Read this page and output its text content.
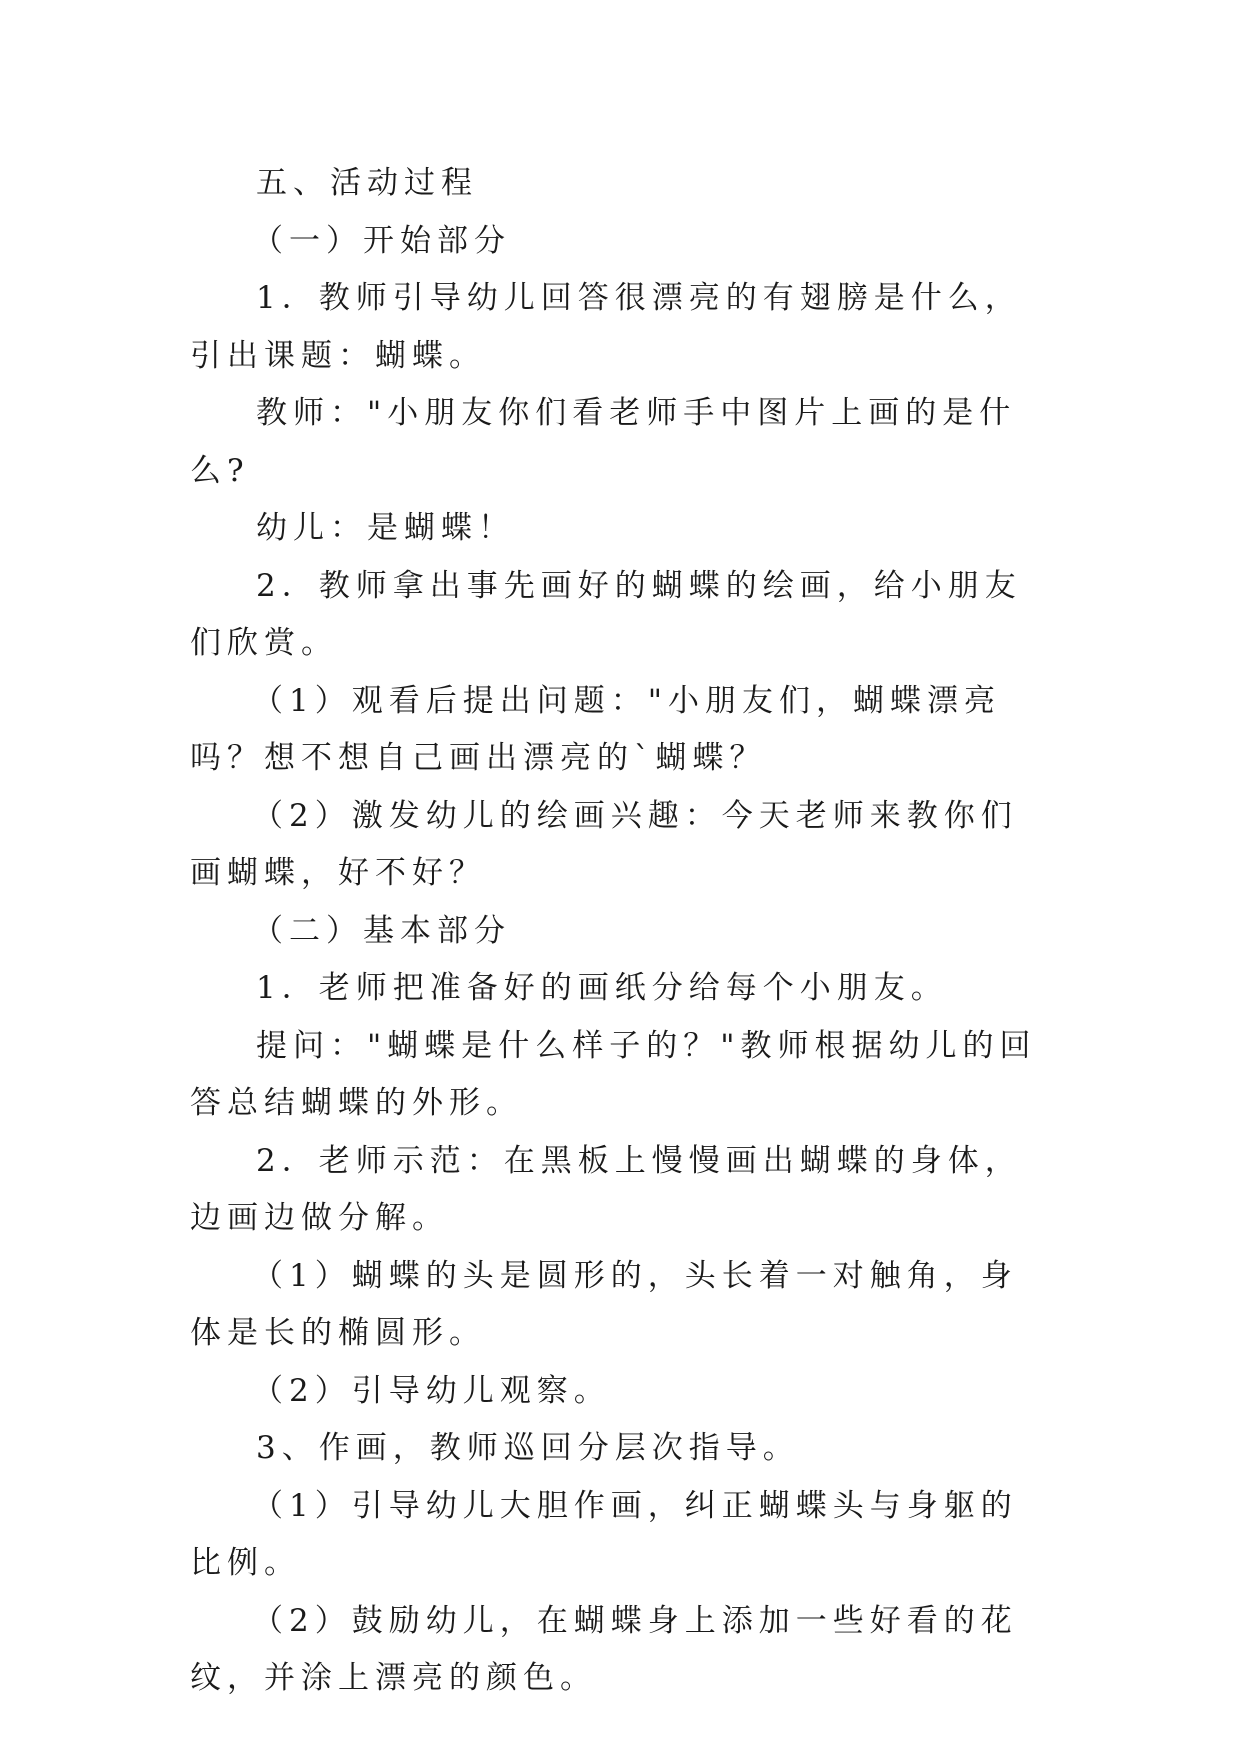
五、活动过程

（一）开始部分

1．教师引导幼儿回答很漂亮的有翅膀是什么，引出课题：蝴蝶。

教师："小朋友你们看老师手中图片上画的是什么?

幼儿：是蝴蝶！

2．教师拿出事先画好的蝴蝶的绘画，给小朋友们欣赏。

（1）观看后提出问题："小朋友们，蝴蝶漂亮吗？想不想自己画出漂亮的`蝴蝶？

（2）激发幼儿的绘画兴趣：今天老师来教你们画蝴蝶，好不好？

（二）基本部分

1．老师把准备好的画纸分给每个小朋友。

提问："蝴蝶是什么样子的？"教师根据幼儿的回答总结蝴蝶的外形。

2．老师示范：在黑板上慢慢画出蝴蝶的身体，边画边做分解。

（1）蝴蝶的头是圆形的，头长着一对触角，身体是长的椭圆形。

（2）引导幼儿观察。

3、作画，教师巡回分层次指导。

（1）引导幼儿大胆作画，纠正蝴蝶头与身躯的比例。

（2）鼓励幼儿，在蝴蝶身上添加一些好看的花纹，并涂上漂亮的颜色。
